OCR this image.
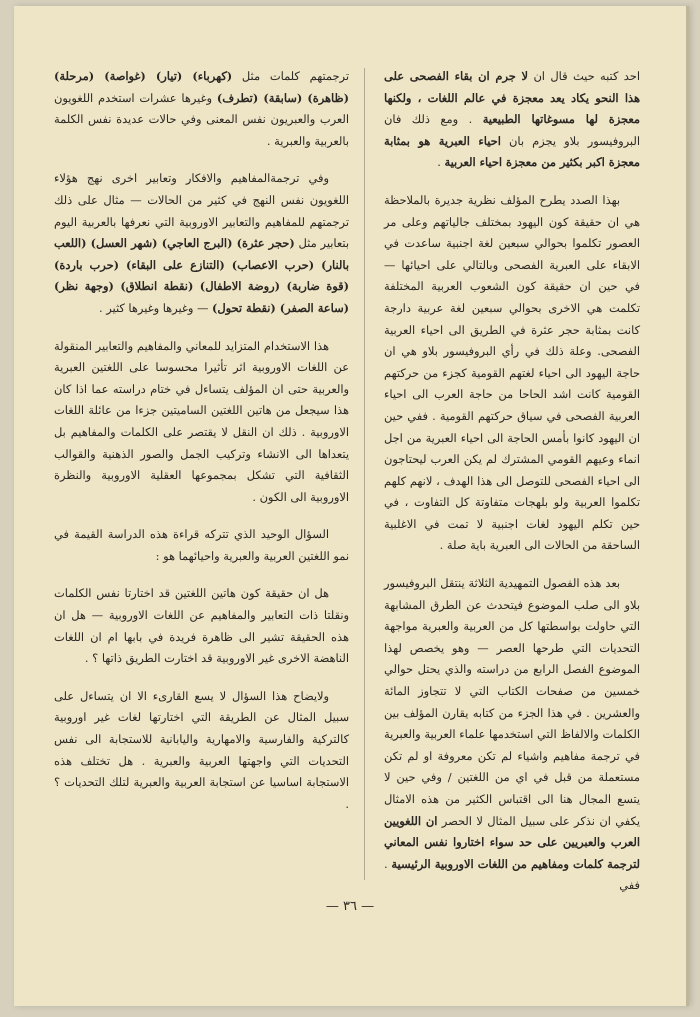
احد كتبه حيث قال ان لا جرم ان بقاء الفصحى على هذا النحو يكاد يعد معجزة في عالم اللغات ، ولكنها معجزة لها مسوغاتها الطبيعية . ومع ذلك فان البروفيسور بلاو يجزم بان احياء العبرية هو بمثابة معجزة اكبر بكثير من معجزة احياء العربية .

بهذا الصدد يطرح المؤلف نظرية جديرة بالملاحظة هي ان حقيقة كون اليهود بمختلف جالياتهم وعلى مر العصور تكلموا بحوالي سبعين لغة اجنبية ساعدت في الابقاء على العبرية الفصحى وبالتالي على احيائها — في حين ان حقيقة كون الشعوب العربية المختلفة تكلمت هي الاخرى بحوالي سبعين لغة عربية دارجة كانت بمثابة حجر عثرة في الطريق الى احياء العربية الفصحى. وعلة ذلك في رأي البروفيسور بلاو هي ان حاجة اليهود الى احياء لغتهم القومية كجزء من حركتهم القومية كانت اشد الحاحا من حاجة العرب الى احياء العربية الفصحى في سياق حركتهم القومية . ففي حين ان اليهود كانوا بأمس الحاجة الى احياء العبرية من اجل انماء وعيهم القومي المشترك لم يكن العرب ليحتاجون الى احياء الفصحى للتوصل الى هذا الهدف ، لانهم كلهم تكلموا العربية ولو بلهجات متفاوتة كل التفاوت ، في حين تكلم اليهود لغات اجنبية لا تمت في الاغلبية الساحقة من الحالات الى العبرية باية صلة .

بعد هذه الفصول التمهيدية الثلاثة ينتقل البروفيسور بلاو الى صلب الموضوع فيتحدث عن الطرق المشابهة التي حاولت بواسطتها كل من العربية والعبرية مواجهة التحديات التي طرحها العصر — وهو يخصص لهذا الموضوع الفصل الرابع من دراسته والذي يحتل حوالي خمسين من صفحات الكتاب التي لا تتجاوز المائة والعشرين . في هذا الجزء من كتابه يقارن المؤلف بين الكلمات والالفاظ التي استخدمها علماء العربية والعبرية في ترجمة مفاهيم واشياء لم تكن معروفة او لم تكن مستعملة من قبل في اي من اللغتين / وفي حين لا يتسع المجال هنا الى اقتباس الكثير من هذه الامثال يكفي ان نذكر على سبيل المثال لا الحصر ان اللغويين العرب والعبريين على حد سواء اختاروا نفس المعاني لترجمة كلمات ومفاهيم من اللغات الاوروبية الرئيسية . ففي

ترجمتهم كلمات مثل (كهرباء) (تيار) (غواصة) (مرحلة) (ظاهرة) (سابقة) (تطرف) وغيرها عشرات استخدم اللغويون العرب والعبريون نفس المعنى وفي حالات عديدة نفس الكلمة بالعربية والعبرية .

وفي ترجمةالمفاهيم والافكار وتعابير اخرى نهج هؤلاء اللغويون نفس النهج في كثير من الحالات — مثال على ذلك ترجمتهم للمفاهيم والتعابير الاوروبية التي نعرفها بالعربية اليوم بتعابير مثل (حجر عثرة) (البرج العاجي) (شهر العسل) (اللعب بالنار) (حرب الاعصاب) (التنازع على البقاء) (حرب باردة) (قوة ضاربة) (روضة الاطفال) (نقطة انطلاق) (وجهة نظر) (ساعة الصفر) (نقطة تحول) — وغيرها وغيرها كثير .

هذا الاستخدام المتزايد للمعاني والمفاهيم والتعابير المنقولة عن اللغات الاوروبية اثر تأثيرا محسوسا على اللغتين العبرية والعربية حتى ان المؤلف يتساءل في ختام دراسته عما اذا كان هذا سيجعل من هاتين اللغتين الساميتين جزءا من عائلة اللغات الاوروبية . ذلك ان النقل لا يقتصر على الكلمات والمفاهيم بل يتعداها الى الانشاء وتركيب الجمل والصور الذهنية والقوالب الثقافية التي تشكل بمجموعها العقلية الاوروبية والنظرة الاوروبية الى الكون .

السؤال الوحيد الذي تتركه قراءة هذه الدراسة القيمة في نمو اللغتين العربية والعبرية واحيائهما هو :

هل ان حقيقة كون هاتين اللغتين قد اختارتا نفس الكلمات ونقلتا ذات التعابير والمفاهيم عن اللغات الاوروبية — هل ان هذه الحقيقة تشير الى ظاهرة فريدة في بابها ام ان اللغات الناهضة الاخرى غير الاوروبية قد اختارت الطريق ذاتها ؟ .

ولايضاح هذا السؤال لا يسع القارىء الا ان يتساءل على سبيل المثال عن الطريقة التي اختارتها لغات غير اوروبية كالتركية والفارسية والامهارية واليابانية للاستجابة الى نفس التحديات التي واجهتها العربية والعبرية . هل تختلف هذه الاستجابة اساسيا عن استجابة العربية والعبرية لتلك التحديات ؟ .

— ٣٦ —
